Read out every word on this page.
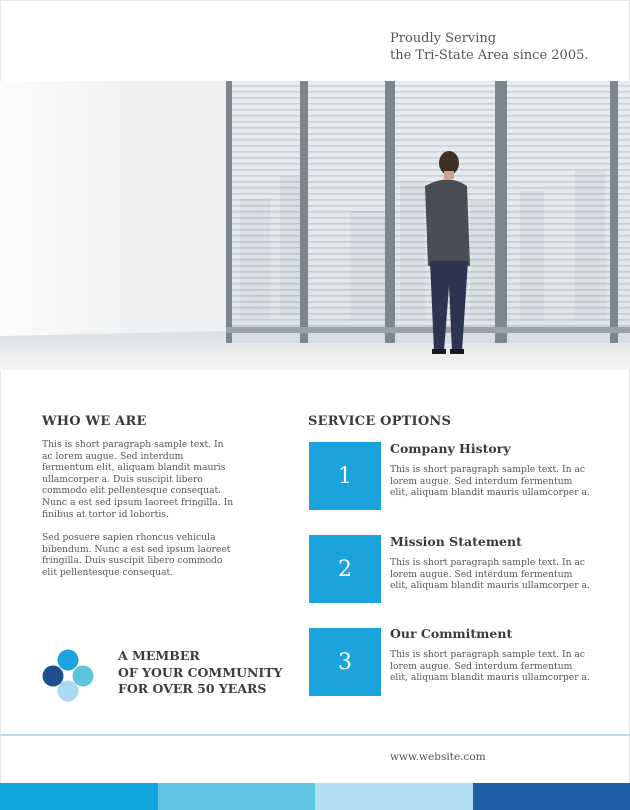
Proudly Serving
the Tri-State Area since 2005.
WHO WE ARE

This is short paragraph sample text. In ac lorem augue. Sed interdum fermentum elit, aliquam blandit mauris ullamcorper a. Duis suscipit libero commodo elit pellentesque consequat. Nunc a est sed ipsum laoreet fringilla. In finibus at tortor id lobortis.

Sed posuere sapien rhoncus vehicula bibendum. Nunc a est sed ipsum laoreet fringilla. Duis suscipit libero commodo elit pellentesque consequat.

SERVICE OPTIONS
1
Company History
This is short paragraph sample text. In ac lorem augue. Sed interdum fermentum elit, aliquam blandit mauris ullamcorper a.
2
Mission Statement
This is short paragraph sample text. In ac lorem augue. Sed interdum fermentum elit, aliquam blandit mauris ullamcorper a.
3
Our Commitment
This is short paragraph sample text. In ac lorem augue. Sed interdum fermentum elit, aliquam blandit mauris ullamcorper a.
A MEMBER
OF YOUR COMMUNITY
FOR OVER 50 YEARS
www.website.com
